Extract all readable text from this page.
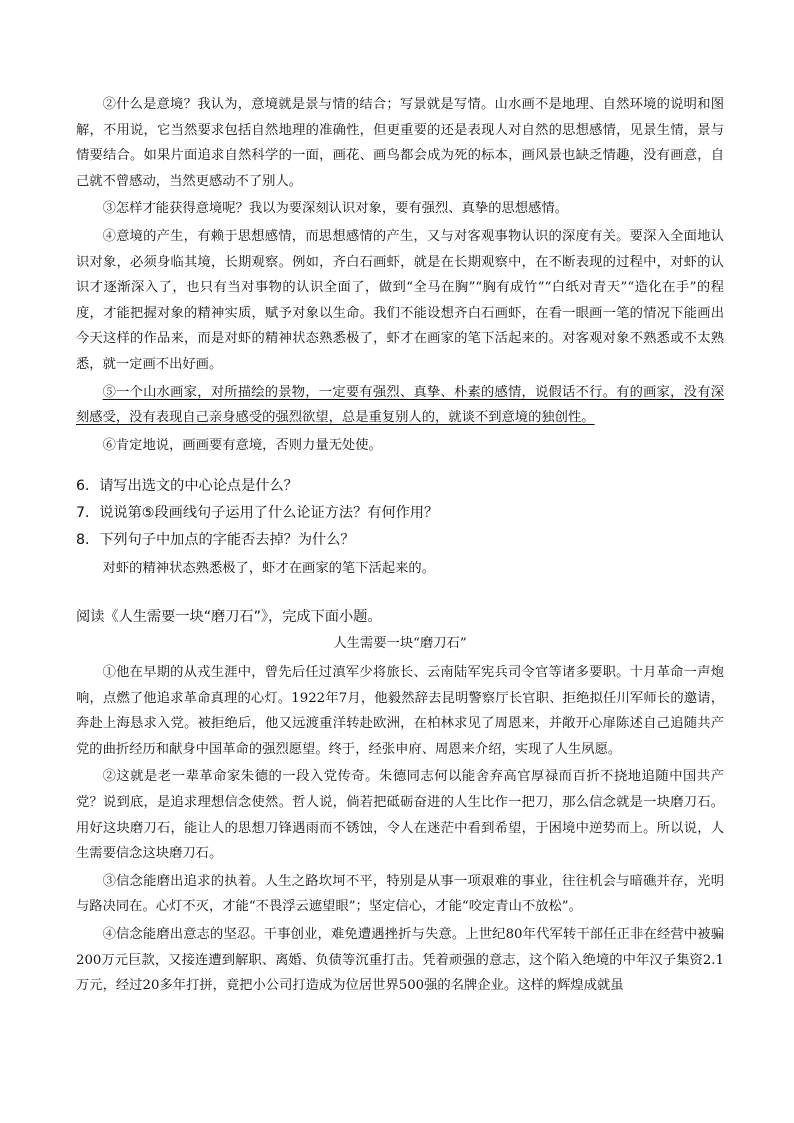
②什么是意境？我认为，意境就是景与情的结合；写景就是写情。山水画不是地理、自然环境的说明和图解，不用说，它当然要求包括自然地理的准确性，但更重要的还是表现人对自然的思想感情，见景生情，景与情要结合。如果片面追求自然科学的一面，画花、画鸟都会成为死的标本，画风景也缺乏情趣，没有画意，自己就不曾感动，当然更感动不了别人。

③怎样才能获得意境呢？我以为要深刻认识对象，要有强烈、真挚的思想感情。

④意境的产生，有赖于思想感情，而思想感情的产生，又与对客观事物认识的深度有关。要深入全面地认识对象，必须身临其境，长期观察。例如，齐白石画虾，就是在长期观察中，在不断表现的过程中，对虾的认识才逐渐深入了，也只有当对事物的认识全面了，做到“全马在胸”“胸有成竹”“白纸对青天”“造化在手”的程度，才能把握对象的精神实质，赋予对象以生命。我们不能设想齐白石画虾，在看一眼画一笔的情况下能画出今天这样的作品来，而是对虾的精神状态熟悉极了，虾才在画家的笔下活起来的。对客观对象不熟悉或不太熟悉，就一定画不出好画。

⑤一个山水画家，对所描绘的景物，一定要有强烈、真挚、朴素的感情，说假话不行。有的画家，没有深刻感受，没有表现自己亲身感受的强烈欲望，总是重复别人的，就谈不到意境的独创性。

⑥肯定地说，画画要有意境，否则力量无处使。

6．请写出选文的中心论点是什么？

7．说说第⑤段画线句子运用了什么论证方法？有何作用？

8．下列句子中加点的字能否去掉？为什么？

对虾的精神状态熟悉极了，虾才在画家的笔下活起来的。

阅读《人生需要一块“磨刀石”》，完成下面小题。

人生需要一块“磨刀石”

①他在早期的从戎生涯中，曾先后任过滇军少将旅长、云南陆军宪兵司令官等诸多要职。十月革命一声炮响，点燃了他追求革命真理的心灯。1922年7月，他毅然辞去昆明警察厅长官职、拒绝拟任川军师长的邀请，奔赴上海恳求入党。被拒绝后，他又远渡重洋转赴欧洲，在柏林求见了周恩来，并敞开心扉陈述自己追随共产党的曲折经历和献身中国革命的强烈愿望。终于，经张申府、周恩来介绍，实现了人生夙愿。

②这就是老一辈革命家朱德的一段入党传奇。朱德同志何以能舍弃高官厚禄而百折不挠地追随中国共产党？说到底，是追求理想信念使然。哲人说，倘若把砥砺奋进的人生比作一把刀，那么信念就是一块磨刀石。用好这块磨刀石，能让人的思想刀锋遇雨而不锈蚀，令人在迷茫中看到希望，于困境中逆势而上。所以说，人生需要信念这块磨刀石。

③信念能磨出追求的执着。人生之路坎坷不平，特别是从事一项艰难的事业，往往机会与暗礁并存，光明与路决同在。心灯不灭，才能“不畏浮云遮望眼”；坚定信心，才能“咬定青山不放松”。

④信念能磨出意志的坚忍。干事创业，难免遭遇挫折与失意。上世纪80年代军转干部任正非在经营中被骗200万元巨款，又接连遭到解职、离婚、负债等沉重打击。凭着顽强的意志，这个陷入绝境的中年汉子集资2.1万元，经过20多年打拼，竟把小公司打造成为位居世界500强的名牌企业。这样的辉煌成就虽
